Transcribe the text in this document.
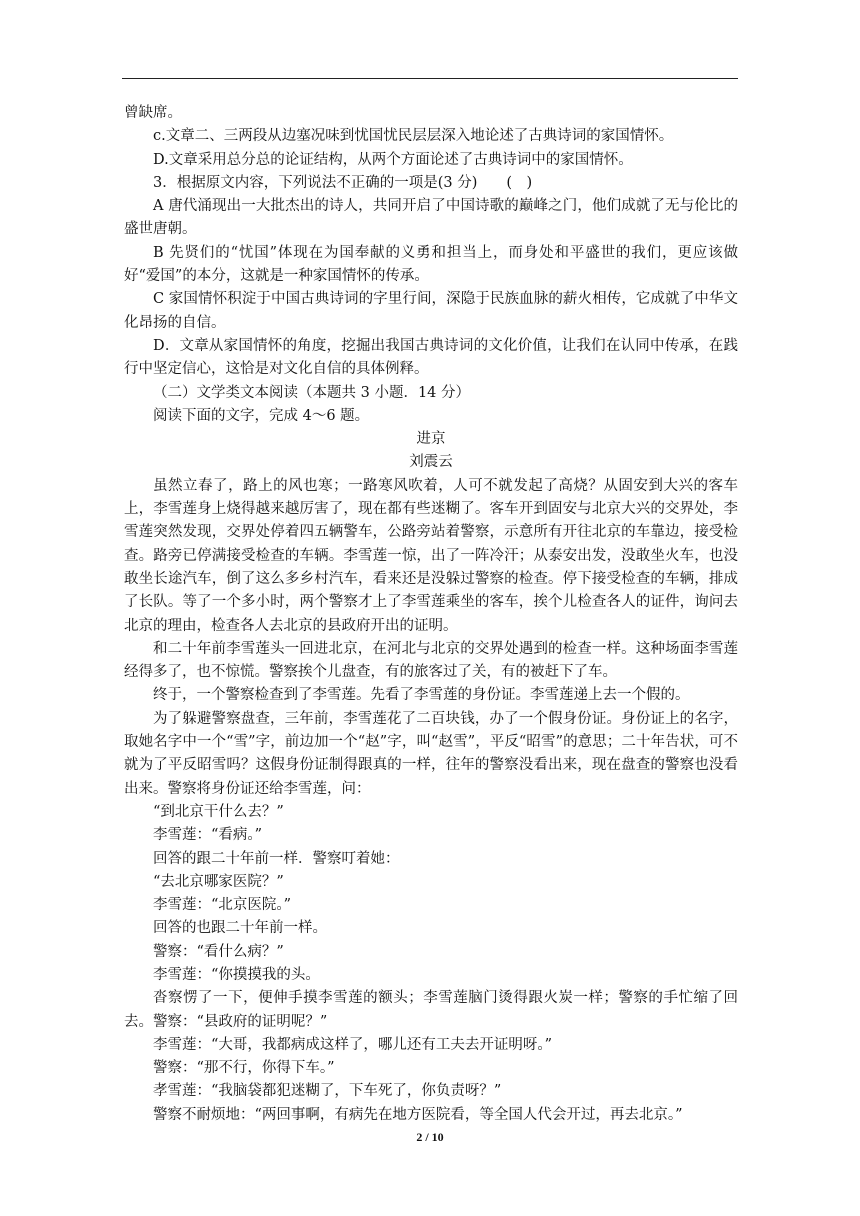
曾缺席。

c.文章二、三两段从边塞况味到忧国忧民层层深入地论述了古典诗词的家国情怀。

D.文章采用总分总的论证结构，从两个方面论述了古典诗词中的家国情怀。

3．根据原文内容，下列说法不正确的一项是(3 分)　　(　)

A 唐代涌现出一大批杰出的诗人，共同开启了中国诗歌的巅峰之门，他们成就了无与伦比的盛世唐朝。

B 先贤们的“忧国”体现在为国奉献的义勇和担当上，而身处和平盛世的我们，更应该做好“爱国”的本分，这就是一种家国情怀的传承。

C 家国情怀积淀于中国古典诗词的字里行间，深隐于民族血脉的薪火相传，它成就了中华文化昂扬的自信。

D．文章从家国情怀的角度，挖掘出我国古典诗词的文化价值，让我们在认同中传承，在践行中坚定信心，这恰是对文化自信的具体例释。

（二）文学类文本阅读（本题共 3 小题．14 分）

阅读下面的文字，完成 4～6 题。

进京
刘震云

虽然立春了，路上的风也寒；一路寒风吹着，人可不就发起了高烧？从固安到大兴的客车上，李雪莲身上烧得越来越厉害了，现在都有些迷糊了。客车开到固安与北京大兴的交界处，李雪莲突然发现，交界处停着四五辆警车，公路旁站着警察，示意所有开往北京的车靠边，接受检查。路旁已停满接受检查的车辆。李雪莲一惊，出了一阵冷汗；从泰安出发，没敢坐火车，也没敢坐长途汽车，倒了这么多乡村汽车，看来还是没躲过警察的检查。停下接受检查的车辆，排成了长队。等了一个多小时，两个警察才上了李雪莲乘坐的客车，挨个儿检查各人的证件，询问去北京的理由，检查各人去北京的县政府开出的证明。

和二十年前李雪莲头一回进北京，在河北与北京的交界处遇到的检查一样。这种场面李雪莲经得多了，也不惊慌。警察挨个儿盘查，有的旅客过了关，有的被赶下了车。

终于，一个警察检查到了李雪莲。先看了李雪莲的身份证。李雪莲递上去一个假的。

为了躲避警察盘查，三年前，李雪莲花了二百块钱，办了一个假身份证。身份证上的名字，取她名字中一个“雪”字，前边加一个“赵”字，叫“赵雪”，平反“昭雪”的意思；二十年告状，可不就为了平反昭雪吗？这假身份证制得跟真的一样，往年的警察没看出来，现在盘查的警察也没看出来。警察将身份证还给李雪莲，问：

“到北京干什么去？”

李雪莲：“看病。”

回答的跟二十年前一样．警察叮着她：

“去北京哪家医院？”

李雪莲：“北京医院。”

回答的也跟二十年前一样。

警察：“看什么病？”

李雪莲：“你摸摸我的头。

沓察愣了一下，便伸手摸李雪莲的额头；李雪莲脑门烫得跟火炭一样；警察的手忙缩了回去。警察：“县政府的证明呢？”

李雪莲：“大哥，我都病成这样了，哪儿还有工夫去开证明呀。”

警察：“那不行，你得下车。”

孝雪莲：“我脑袋都犯迷糊了，下车死了，你负责呀？”

警察不耐烦地：“两回事啊，有病先在地方医院看，等全国人代会开过，再去北京。”

2 / 10
